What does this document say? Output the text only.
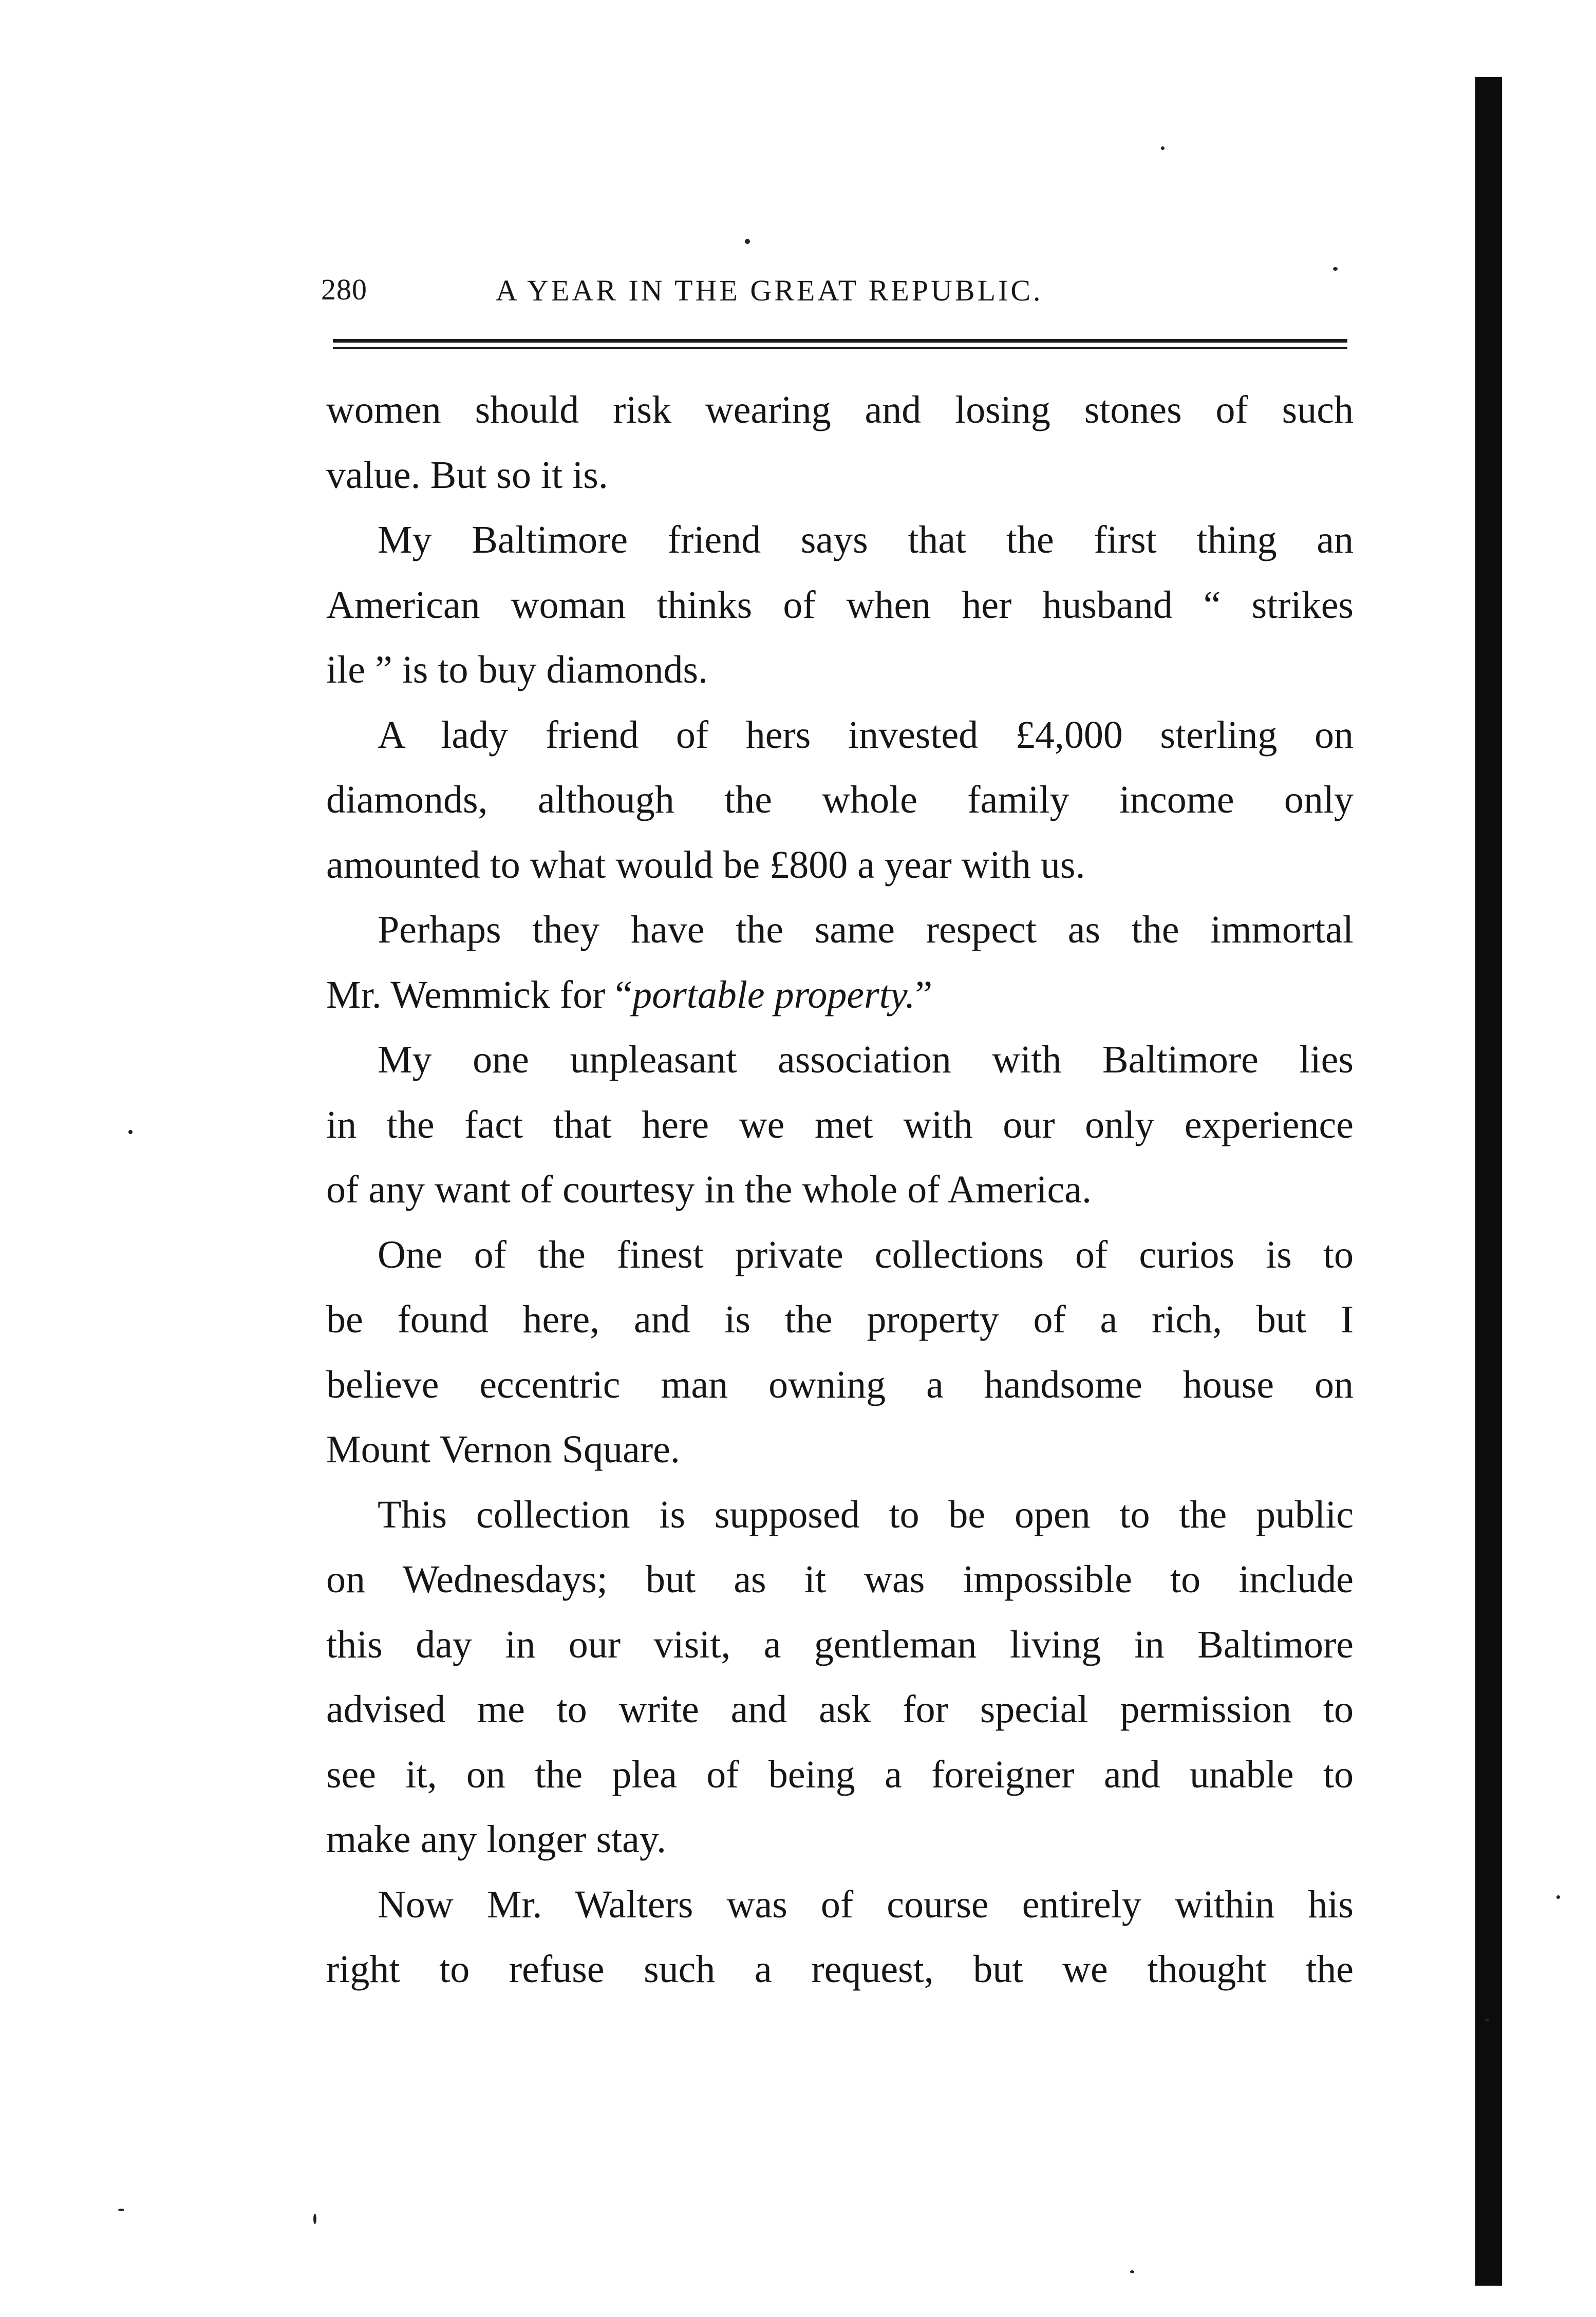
280	A YEAR IN THE GREAT REPUBLIC.
women should risk wearing and losing stones of such
value. But so it is.
My Baltimore friend says that the first thing an
American woman thinks of when her husband “ strikes
ile ” is to buy diamonds.
A lady friend of hers invested £4,000 sterling on
diamonds, although the whole family income only
amounted to what would be £800 a year with us.
Perhaps they have the same respect as the immortal
Mr. Wemmick for “portable property.”
My one unpleasant association with Baltimore lies
in the fact that here we met with our only experience
of any want of courtesy in the whole of America.
One of the finest private collections of curios is to
be found here, and is the property of a rich, but I
believe eccentric man owning a handsome house on
Mount Vernon Square.
This collection is supposed to be open to the public
on Wednesdays; but as it was impossible to include
this day in our visit, a gentleman living in Baltimore
advised me to write and ask for special permission to
see it, on the plea of being a foreigner and unable to
make any longer stay.
Now Mr. Walters was of course entirely within his
right to refuse such a request, but we thought the
